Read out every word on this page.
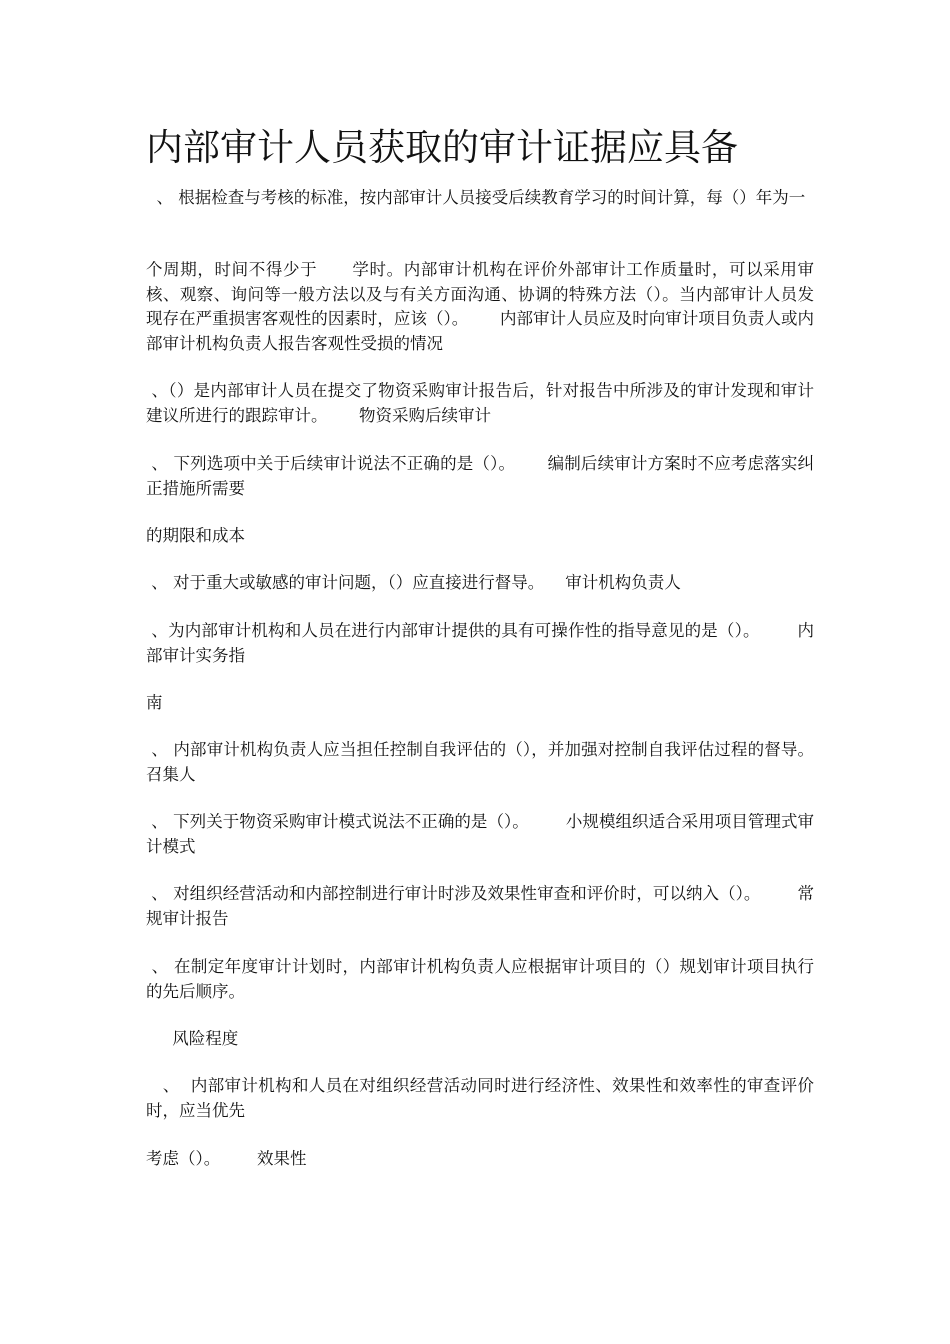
内部审计人员获取的审计证据应具备

、 根据检查与考核的标准，按内部审计人员接受后续教育学习的时间计算，每（）年为一

个周期，时间不得少于      学时。内部审计机构在评价外部审计工作质量时，可以采用审核、观察、询问等一般方法以及与有关方面沟通、协调的特殊方法（）。当内部审计人员发现存在严重损害客观性的因素时，应该（）。      内部审计人员应及时向审计项目负责人或内部审计机构负责人报告客观性受损的情况

、（）是内部审计人员在提交了物资采购审计报告后，针对报告中所涉及的审计发现和审计建议所进行的跟踪审计。      物资采购后续审计

、 下列选项中关于后续审计说法不正确的是（）。      编制后续审计方案时不应考虑落实纠正措施所需要

的期限和成本

、 对于重大或敏感的审计问题，（）应直接进行督导。    审计机构负责人

、为内部审计机构和人员在进行内部审计提供的具有可操作性的指导意见的是（）。       内部审计实务指

南

、 内部审计机构负责人应当担任控制自我评估的（），并加强对控制自我评估过程的督导。   召集人

、 下列关于物资采购审计模式说法不正确的是（）。       小规模组织适合采用项目管理式审计模式

、 对组织经营活动和内部控制进行审计时涉及效果性审查和评价时，可以纳入（）。       常规审计报告

、 在制定年度审计计划时，内部审计机构负责人应根据审计项目的（）规划审计项目执行的先后顺序。

风险程度

、  内部审计机构和人员在对组织经营活动同时进行经济性、效果性和效率性的审查评价时，应当优先

考虑（）。       效果性
